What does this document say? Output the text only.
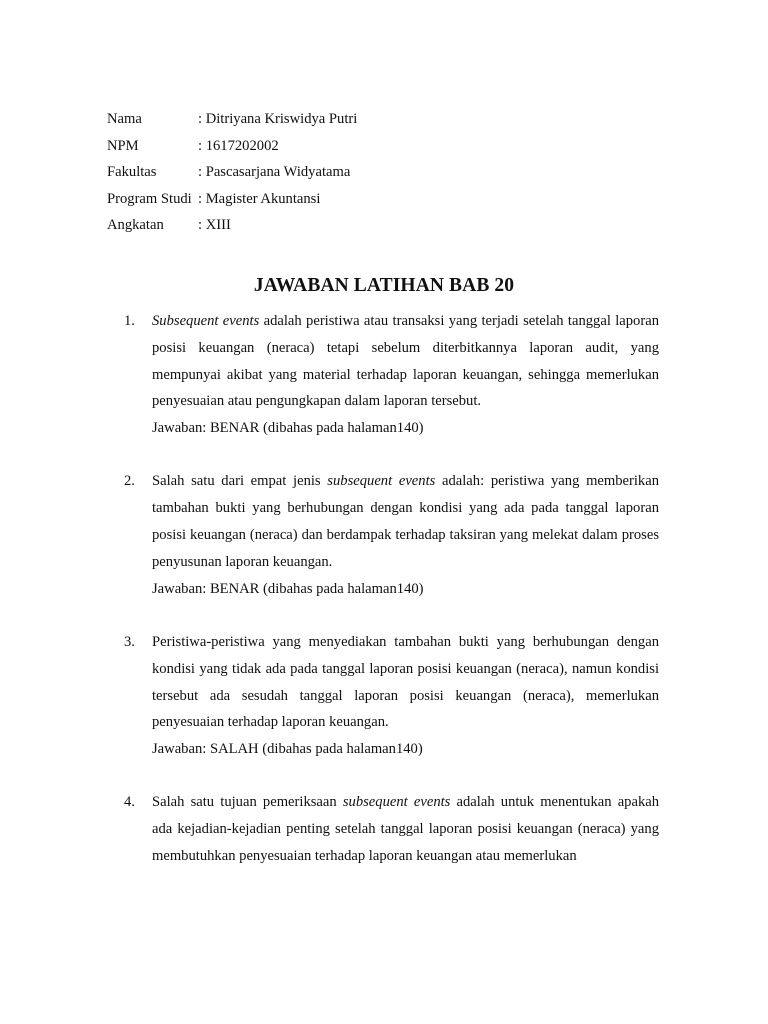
Nama	: Ditriyana Kriswidya Putri
NPM	: 1617202002
Fakultas	: Pascasarjana Widyatama
Program Studi : Magister Akuntansi
Angkatan : XIII
JAWABAN LATIHAN BAB 20
1. Subsequent events adalah peristiwa atau transaksi yang terjadi setelah tanggal laporan posisi keuangan (neraca) tetapi sebelum diterbitkannya laporan audit, yang mempunyai akibat yang material terhadap laporan keuangan, sehingga memerlukan penyesuaian atau pengungkapan dalam laporan tersebut.

Jawaban: BENAR (dibahas pada halaman140)

2. Salah satu dari empat jenis subsequent events adalah: peristiwa yang memberikan tambahan bukti yang berhubungan dengan kondisi yang ada pada tanggal laporan posisi keuangan (neraca) dan berdampak terhadap taksiran yang melekat dalam proses penyusunan laporan keuangan.

Jawaban: BENAR (dibahas pada halaman140)

3. Peristiwa-peristiwa yang menyediakan tambahan bukti yang berhubungan dengan kondisi yang tidak ada pada tanggal laporan posisi keuangan (neraca), namun kondisi tersebut ada sesudah tanggal laporan posisi keuangan (neraca), memerlukan penyesuaian terhadap laporan keuangan.

Jawaban: SALAH (dibahas pada halaman140)

4. Salah satu tujuan pemeriksaan subsequent events adalah untuk menentukan apakah ada kejadian-kejadian penting setelah tanggal laporan posisi keuangan (neraca) yang membutuhkan penyesuaian terhadap laporan keuangan atau memerlukan
